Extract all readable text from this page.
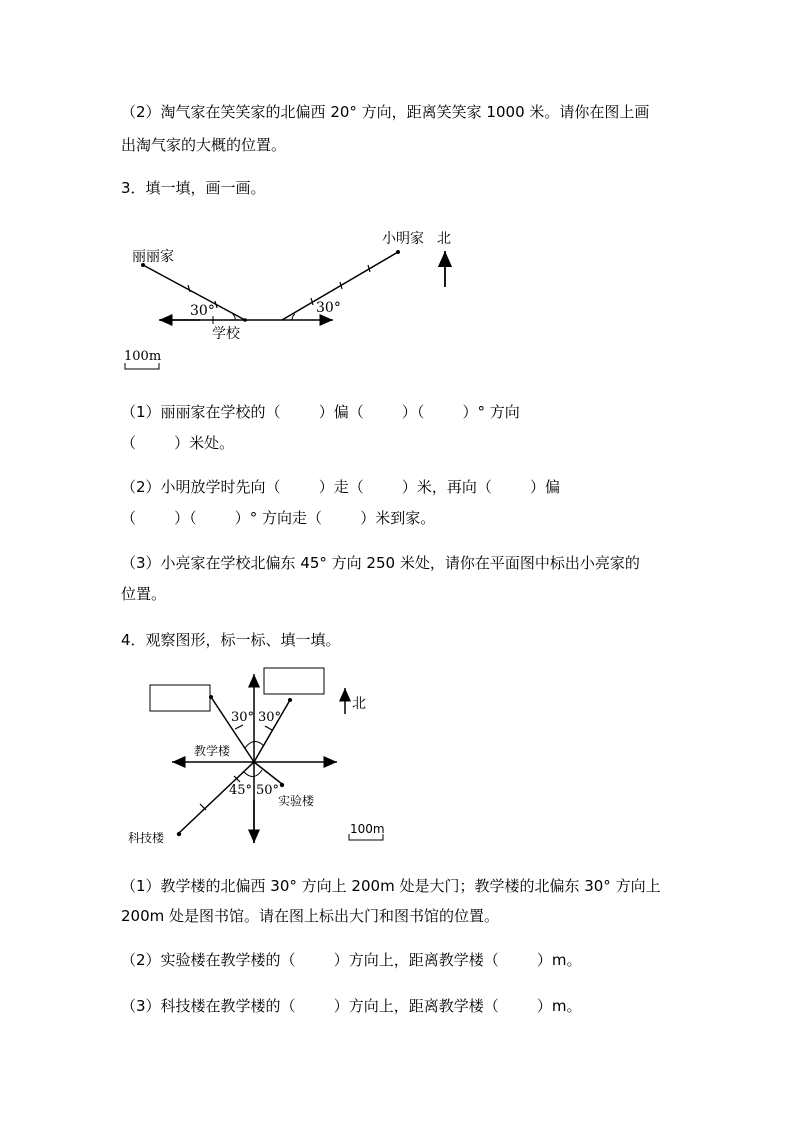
（2）淘气家在笑笑家的北偏西 20° 方向，距离笑笑家 1000 米。请你在图上画
出淘气家的大概的位置。
3．填一填，画一画。
丽丽家
小明家 北
学校
30°	30°
100m
（1）丽丽家在学校的（        ）偏（        ）（        ）° 方向
（        ）米处。
（2）小明放学时先向（        ）走（        ）米，再向（        ）偏
（        ）（        ）° 方向走（        ）米到家。
（3）小亮家在学校北偏东 45° 方向 250 米处，请你在平面图中标出小亮家的
位置。
4．观察图形，标一标、填一填。
北
教学楼
实验楼
科技楼
30° 30°
45° 50°
100m
（1）教学楼的北偏西 30° 方向上 200m 处是大门；教学楼的北偏东 30° 方向上
200m 处是图书馆。请在图上标出大门和图书馆的位置。
（2）实验楼在教学楼的（        ）方向上，距离教学楼（        ）m。
（3）科技楼在教学楼的（        ）方向上，距离教学楼（        ）m。
